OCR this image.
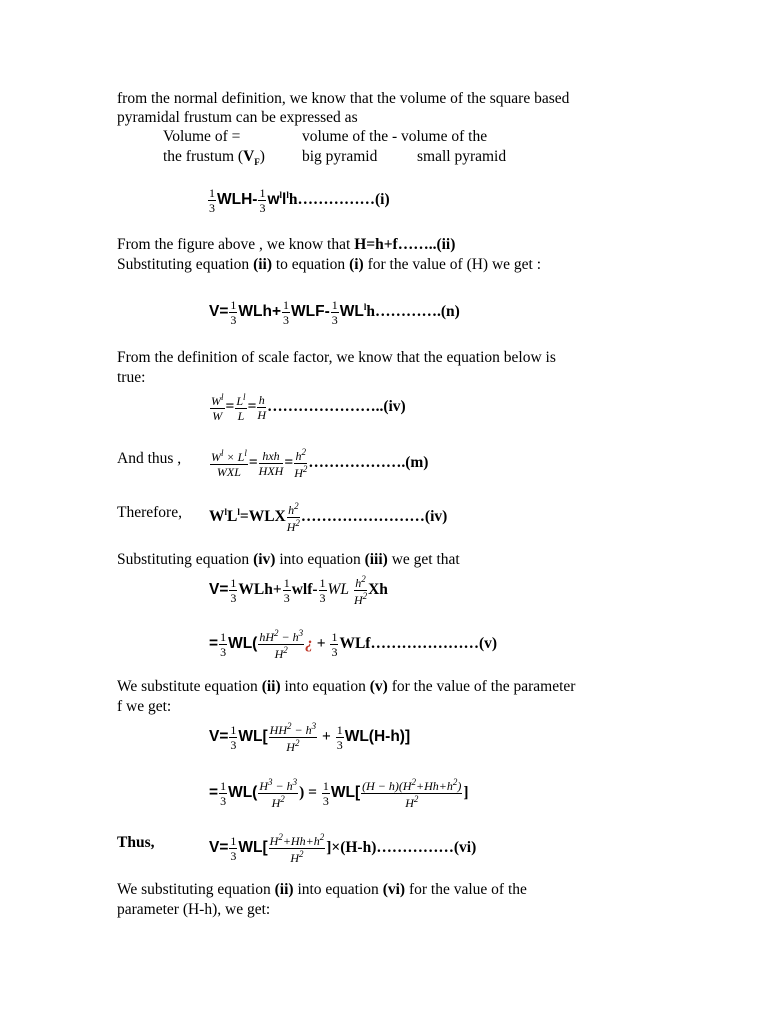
from the normal definition, we know that the volume of the square based
pyramidal frustum can be expressed as
Volume of =	volume of the - volume of the
the frustum $(V_F)$ big pyramid	small pyramid
$\frac{1}{3} WLH- \frac{1}{3}$ $w^ll^lh\dots\dots\dots\dots\dots(i)$
From the figure above , we know that H=h+f……..(ii)
Substituting equation (ii) to equation (i) for the value of (H) we get :
$V= \frac{1}{3} WLh+ \frac{1}{3} WLF- \frac{1}{3}$ $WL^lh\dots\dots\dots\dots.(n)$
From the definition of scale factor, we know that the equation below is
true:
$\frac{W^l}{W} = \frac{L^l}{L} = \frac{h}{H}$ …………………..(iv)
And thus , $\frac{W^l \times L^l}{\text{WXL}} = \frac{\text{hxh}}{\text{HXH}} = \frac{h^2}{H^2}$ ……………….(m)
Therefore, $W^lL^l=WLX \frac{h^2}{H^2}$ ……………………(iv)
Substituting equation (iv) into equation (iii) we get that
$V= \frac{1}{3} WLh+ \frac{1}{3} wlf- \frac{1}{3}$ WL $\frac{h^2}{H^2}$ Xh
= $\frac{1}{3} WL( \frac{hH^2 - h^3}{H^2}$ ¿ + $\frac{1}{3}$ WLf…………………(v)
We substitute equation (ii) into equation (v) for the value of the parameter
f we get:
$V= \frac{1}{3} WL[ \frac{HH^2 - h^3}{H^2} + \frac{1}{3} WL(H-h)]$
= $\frac{1}{3} WL( \frac{H^3 - h^3}{H^2}$ ) = $\frac{1}{3} WL[ \frac{(H - h)(H^2+Hh+h^2)}{H^2}$ ]
Thus,	$V= \frac{1}{3} WL[ \frac{H^2+Hh+h^2}{H^2}$ ]×(H-h)……………(vi)
We substituting equation (ii) into equation (vi) for the value of the
parameter (H-h), we get:
